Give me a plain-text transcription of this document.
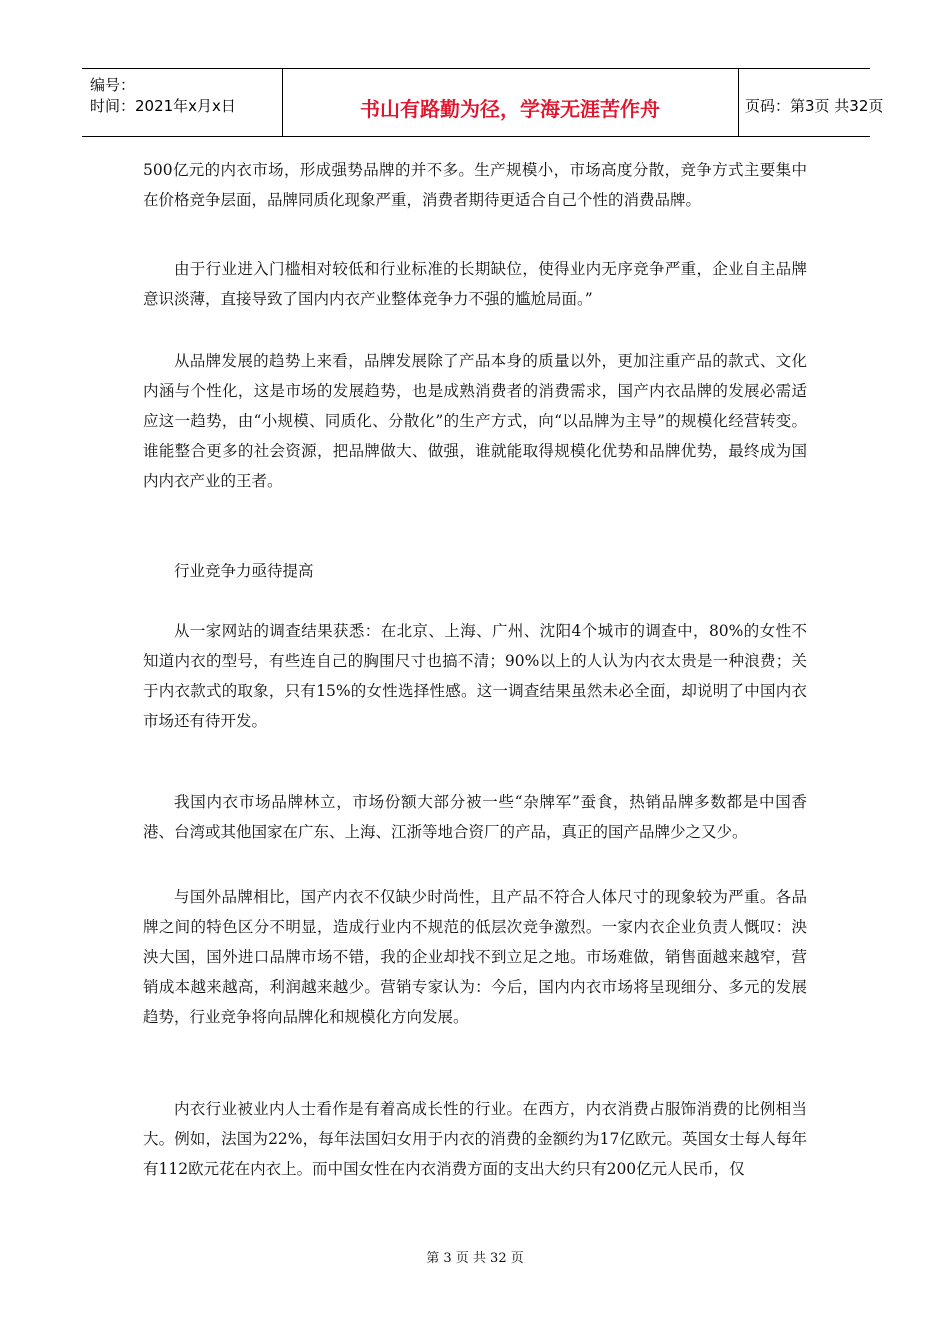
编号：
时间：2021年x月x日	书山有路勤为径，学海无涯苦作舟	页码：第3页 共32页

500亿元的内衣市场，形成强势品牌的并不多。生产规模小，市场高度分散，竞争方式主要集中在价格竞争层面，品牌同质化现象严重，消费者期待更适合自己个性的消费品牌。

由于行业进入门槛相对较低和行业标准的长期缺位，使得业内无序竞争严重，企业自主品牌意识淡薄，直接导致了国内内衣产业整体竞争力不强的尴尬局面。”

从品牌发展的趋势上来看，品牌发展除了产品本身的质量以外，更加注重产品的款式、文化内涵与个性化，这是市场的发展趋势，也是成熟消费者的消费需求，国产内衣品牌的发展必需适应这一趋势，由“小规模、同质化、分散化”的生产方式，向“以品牌为主导”的规模化经营转变。谁能整合更多的社会资源，把品牌做大、做强，谁就能取得规模化优势和品牌优势，最终成为国内内衣产业的王者。

行业竞争力亟待提高

从一家网站的调查结果获悉：在北京、上海、广州、沈阳4个城市的调查中，80%的女性不知道内衣的型号，有些连自己的胸围尺寸也搞不清；90%以上的人认为内衣太贵是一种浪费；关于内衣款式的取象，只有15%的女性选择性感。这一调查结果虽然未必全面，却说明了中国内衣市场还有待开发。

我国内衣市场品牌林立，市场份额大部分被一些“杂牌军”蚕食，热销品牌多数都是中国香港、台湾或其他国家在广东、上海、江浙等地合资厂的产品，真正的国产品牌少之又少。

与国外品牌相比，国产内衣不仅缺少时尚性，且产品不符合人体尺寸的现象较为严重。各品牌之间的特色区分不明显，造成行业内不规范的低层次竞争激烈。一家内衣企业负责人慨叹：泱泱大国，国外进口品牌市场不错，我的企业却找不到立足之地。市场难做，销售面越来越窄，营销成本越来越高，利润越来越少。营销专家认为：今后，国内内衣市场将呈现细分、多元的发展趋势，行业竞争将向品牌化和规模化方向发展。

内衣行业被业内人士看作是有着高成长性的行业。在西方，内衣消费占服饰消费的比例相当大。例如，法国为22%，每年法国妇女用于内衣的消费的金额约为17亿欧元。英国女士每人每年有112欧元花在内衣上。而中国女性在内衣消费方面的支出大约只有200亿元人民币，仅

第 3 页 共 32 页
